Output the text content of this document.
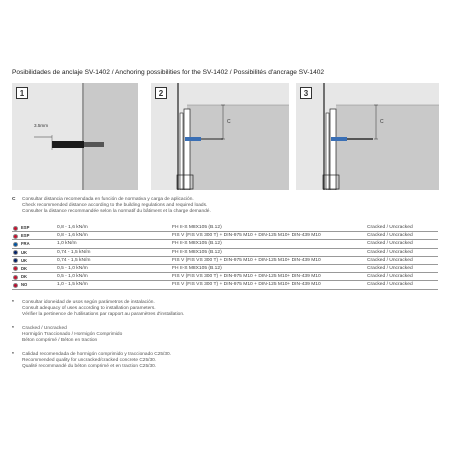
Posibilidades de anclaje SV-1402 / Anchoring possibilities for the SV-1402 / Possibilités d'ancrage SV-1402
1
3.5mm
2
C
3
C
C Consultar distancia recomendada en función de normativa y carga de aplicación.
Check recommended distance according to the building regulations and required loads.
Consulter la distance recommandée selon la normatif du bâtiment et la charge demandé.
ESP	0,8 - 1,6 kN/m	FH II-S M8X105 (B.12)	Cracked / Uncracked
ESP	0,8 - 1,6 kN/m	FIS V (FIS VS 300 T) + DIN-975 M10 + DIN-125 M10+ DIN-439 M10	Cracked / Uncracked
FRA	1,0 kN/m	FH II-S M8X105 (B.12)	Cracked / Uncracked
UK	0,74 - 1,5 kN/m	FH II-S M8X105 (B.12)	Cracked / Uncracked
UK	0,74 - 1,5 kN/m	FIS V (FIS VS 300 T) + DIN-975 M10 + DIN-125 M10+ DIN-439 M10	Cracked / Uncracked
DK	0,5 - 1,0 kN/m	FH II-S M8X105 (B.12)	Cracked / Uncracked
DK	0,5 - 1,0 kN/m	FIS V (FIS VS 300 T) + DIN-975 M10 + DIN-125 M10+ DIN-439 M10	Cracked / Uncracked
NO	1,0 - 1,5 kN/m	FIS V (FIS VS 300 T) + DIN-975 M10 + DIN-125 M10+ DIN-439 M10	Cracked / Uncracked
* Consultar idoneidad de usos según parámetros de instalación.
Consult adequacy of uses according to installation parameters.
Vérifier la pertinence de l'utilisations par rapport au paramètres d'installation.
* Cracked / Uncracked
Hormigón Traccionado / Hormigón Comprimido
Béton comprimé / Béton en traction
* Calidad recomendada de hormigón comprimido y traccionado C25/30.
Recommended quality for uncracked/cracked concrete C25/30.
Qualité recommandé du béton comprimé et en traction C25/30.
